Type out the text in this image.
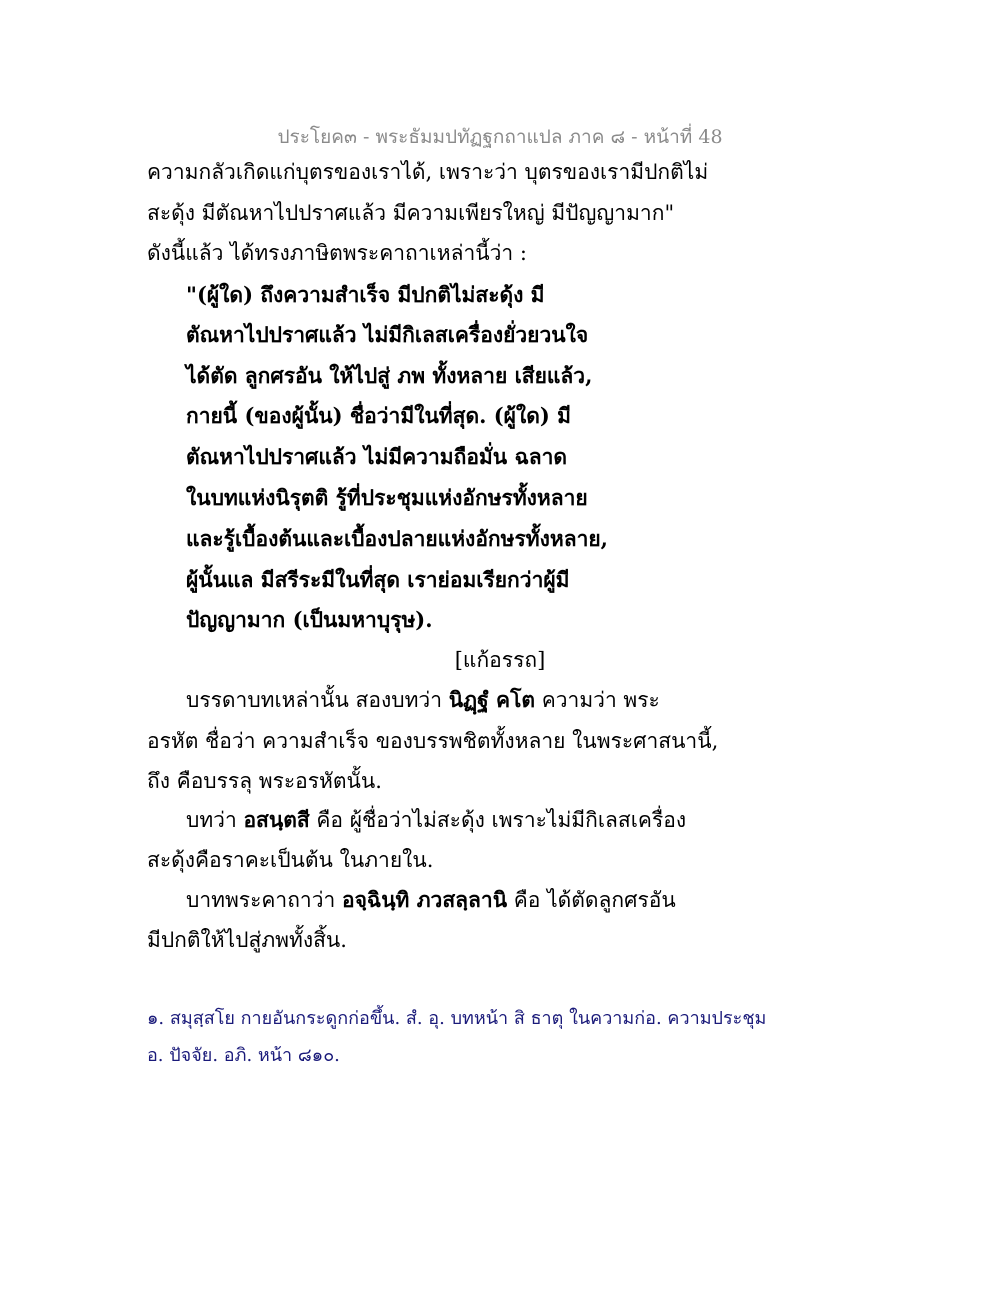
ประโยค๓ - พระธัมมปทัฏฐกถาแปล ภาค ๘ - หน้าที่ 48
ความกลัวเกิดแก่บุตรของเราได้, เพราะว่า บุตรของเรามีปกติไม่
สะดุ้ง มีตัณหาไปปราศแล้ว มีความเพียรใหญ่ มีปัญญามาก"
ดังนี้แล้ว ได้ทรงภาษิตพระคาถาเหล่านี้ว่า :
"(ผู้ใด) ถึงความสำเร็จ มีปกติไม่สะดุ้ง มี
ตัณหาไปปราศแล้ว ไม่มีกิเลสเครื่องยั่วยวนใจ
ได้ตัด ลูกศรอัน ให้ไปสู่ ภพ ทั้งหลาย เสียแล้ว,
กายนี้ (ของผู้นั้น) ชื่อว่ามีในที่สุด. (ผู้ใด) มี
ตัณหาไปปราศแล้ว ไม่มีความถือมั่น ฉลาด
ในบทแห่งนิรุตติ รู้ที่ประชุมแห่งอักษรทั้งหลาย
และรู้เบื้องต้นและเบื้องปลายแห่งอักษรทั้งหลาย,
ผู้นั้นแล มีสรีระมีในที่สุด เราย่อมเรียกว่าผู้มี
ปัญญามาก (เป็นมหาบุรุษ).
[แก้อรรถ]
บรรดาบทเหล่านั้น สองบทว่า นิฏฺฐํ คโต ความว่า พระ
อรหัต ชื่อว่า ความสำเร็จ ของบรรพชิตทั้งหลาย ในพระศาสนานี้,
ถึง คือบรรลุ พระอรหัตนั้น.
บทว่า อสนฺตสี คือ ผู้ชื่อว่าไม่สะดุ้ง เพราะไม่มีกิเลสเครื่อง
สะดุ้งคือราคะเป็นต้น ในภายใน.
บาทพระคาถาว่า อจฺฉินฺทิ ภวสลฺลานิ คือ ได้ตัดลูกศรอัน
มีปกติให้ไปสู่ภพทั้งสิ้น.
๑. สมุสฺสโย กายอันกระดูกก่อขึ้น. สํ. อุ. บทหน้า สิ ธาตุ ในความก่อ. ความประชุม
อ. ปัจจัย. อภิ. หน้า ๘๑๐.
